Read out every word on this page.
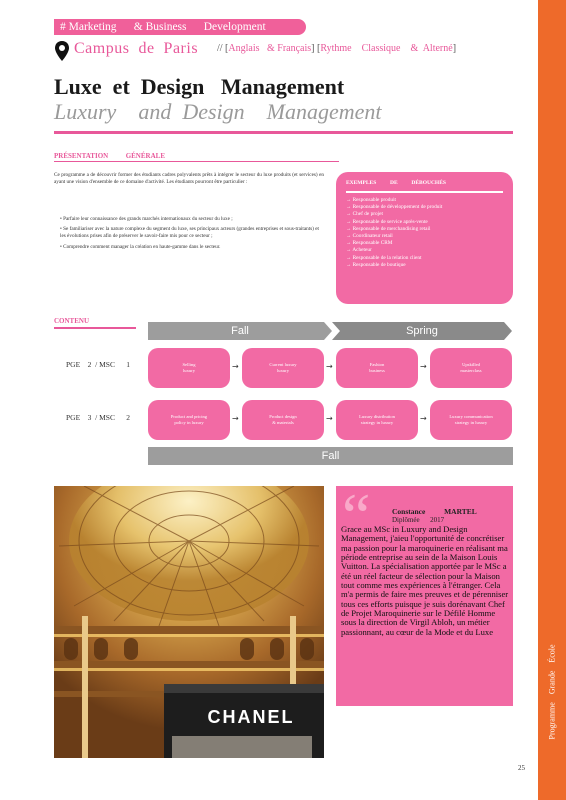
# Marketing      & Business      Development
Campus  de  Paris // [Anglais   & Français] [Rythme    Classique    &  Alterné]
Luxe  et  Design   Management
Luxury    and  Design    Management
PRÉSENTATION          GÉNÉRALE

Ce programme a de découvrir former des étudiants cadres polyvalents prêts à intégrer le secteur du luxe produits (et services) en ayant une vision d'ensemble de ce domaine d'activité. Les étudiants pourront être particulier :

• Parfaire leur connaissance des grands marchés internationaux du secteur du luxe ;
• Se familiariser avec la nature complexe du segment du luxe, ses principaux acteurs (grandes entreprises et sous-traitants) et les évolutions prises afin de préserver le savoir-faire mis pour ce secteur ;
• Comprendre comment manager la création en haute-gamme dans le secteur.
EXEMPLES          DE          DÉBOUCHÉS
→ Responsable produit
→ Responsable de développement de produit
→ Chef de projet
→ Responsable de service après-vente
→ Responsable de merchandising retail
→ Coordinateur retail
→ Responsable CRM
→ Acheteur
→ Responsable de la relation client
→ Responsable de boutique
CONTENU
Fall	Spring
PGE    2  / MSC      1
PGE    3  / MSC      2
Selling
luxury	→	Current luxury
luxury	→	Fashion
business	→	Upskilled
masterclass
Product and pricing
policy in luxury	→	Product design
& materials	→	Luxury distribution
strategy in luxury	→	Luxury communication
strategy in luxury
Fall
CHANEL
“	Constance          MARTEL
Diplômée      2017
Grace au MSc in Luxury and Design Management, j'aieu l'opportunité de concrétiser ma passion pour la maroquinerie en réalisant ma période entreprise au sein de la Maison Louis Vuitton. La spécialisation apportée par le MSc a été un réel facteur de sélection pour la Maison tout comme mes expériences à l'étranger. Cela m'a permis de faire mes preuves et de pérenniser tous ces efforts puisque je suis dorénavant Chef de Projet Maroquinerie sur le Défilé Homme sous la direction de Virgil Abloh, un métier passionnant, au cœur de la Mode et du Luxe
Programme    Grande    École
25
